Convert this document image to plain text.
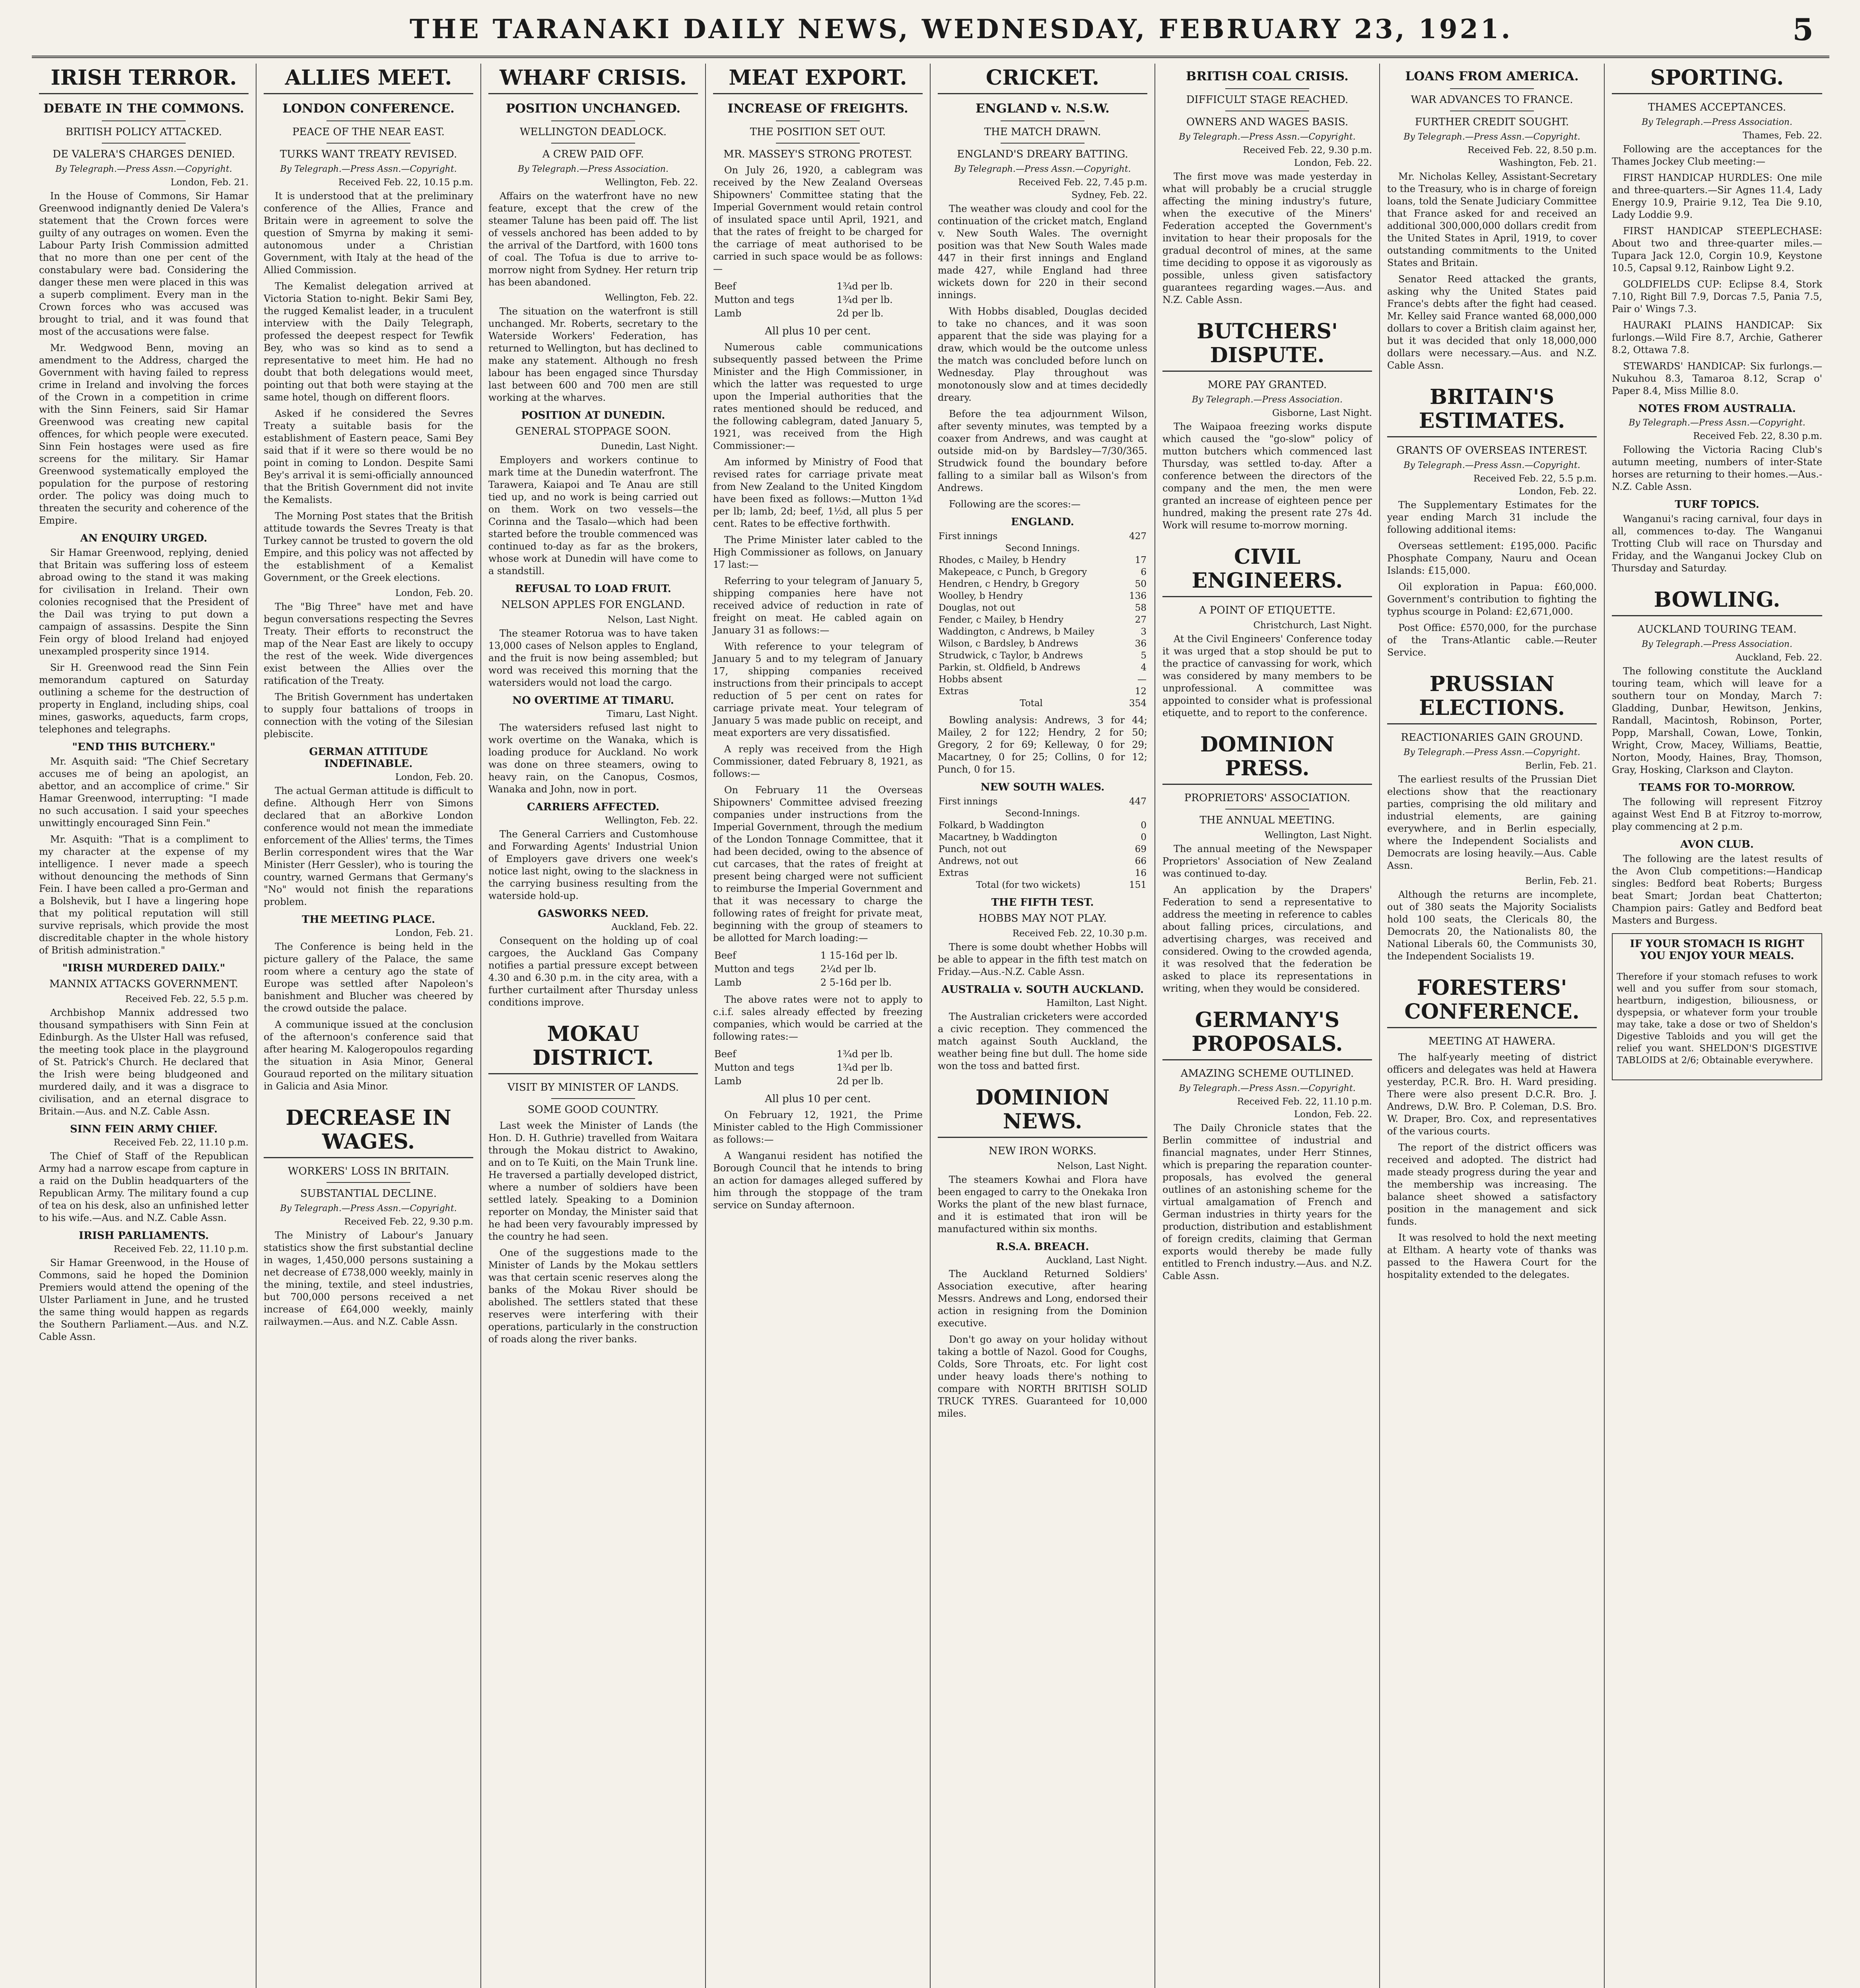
THE TARANAKI DAILY NEWS, WEDNESDAY, FEBRUARY 23, 1921.	5
IRISH TERROR.
DEBATE IN THE COMMONS.
BRITISH POLICY ATTACKED.
DE VALERA'S CHARGES DENIED.
By Telegraph.—Press Assn.—Copyright.
London, Feb. 21.

In the House of Commons, Sir Hamar Greenwood indignantly denied De Valera's statement that the Crown forces were guilty of any outrages on women. Even the Labour Party Irish Commission admitted that no more than one per cent of the constabulary were bad. Considering the danger these men were placed in this was a superb compliment. Every man in the Crown forces who was accused was brought to trial, and it was found that most of the accusations were false.

Mr. Wedgwood Benn, moving an amendment to the Address, charged the Government with having failed to repress crime in Ireland and involving the forces of the Crown in a competition in crime with the Sinn Feiners, said Sir Hamar Greenwood was creating new capital offences, for which people were executed. Sinn Fein hostages were used as fire screens for the military. Sir Hamar Greenwood systematically employed the population for the purpose of restoring order. The policy was doing much to threaten the security and coherence of the Empire.

AN ENQUIRY URGED.

Sir Hamar Greenwood, replying, denied that Britain was suffering loss of esteem abroad owing to the stand it was making for civilisation in Ireland. Their own colonies recognised that the President of the Dail was trying to put down a campaign of assassins. Despite the Sinn Fein orgy of blood Ireland had enjoyed unexampled prosperity since 1914.

Sir H. Greenwood read the Sinn Fein memorandum captured on Saturday outlining a scheme for the destruction of property in England, including ships, coal mines, gasworks, aqueducts, farm crops, telephones and telegraphs.

"END THIS BUTCHERY."

Mr. Asquith said: "The Chief Secretary accuses me of being an apologist, an abettor, and an accomplice of crime." Sir Hamar Greenwood, interrupting: "I made no such accusation. I said your speeches unwittingly encouraged Sinn Fein."

Mr. Asquith: "That is a compliment to my character at the expense of my intelligence. I never made a speech without denouncing the methods of Sinn Fein. I have been called a pro-German and a Bolshevik, but I have a lingering hope that my political reputation will still survive reprisals, which provide the most discreditable chapter in the whole history of British administration."

"IRISH MURDERED DAILY."
MANNIX ATTACKS GOVERNMENT.
Received Feb. 22, 5.5 p.m.

Archbishop Mannix addressed two thousand sympathisers with Sinn Fein at Edinburgh. As the Ulster Hall was refused, the meeting took place in the playground of St. Patrick's Church. He declared that the Irish were being bludgeoned and murdered daily, and it was a disgrace to civilisation, and an eternal disgrace to Britain.—Aus. and N.Z. Cable Assn.

SINN FEIN ARMY CHIEF.
Received Feb. 22, 11.10 p.m.

The Chief of Staff of the Republican Army had a narrow escape from capture in a raid on the Dublin headquarters of the Republican Army. The military found a cup of tea on his desk, also an unfinished letter to his wife.—Aus. and N.Z. Cable Assn.

IRISH PARLIAMENTS.
Received Feb. 22, 11.10 p.m.

Sir Hamar Greenwood, in the House of Commons, said he hoped the Dominion Premiers would attend the opening of the Ulster Parliament in June, and he trusted the same thing would happen as regards the Southern Parliament.—Aus. and N.Z. Cable Assn.

ALLIES MEET.
LONDON CONFERENCE.
PEACE OF THE NEAR EAST.
TURKS WANT TREATY REVISED.
By Telegraph.—Press Assn.—Copyright.
Received Feb. 22, 10.15 p.m.

It is understood that at the preliminary conference of the Allies, France and Britain were in agreement to solve the question of Smyrna by making it semi-autonomous under a Christian Government, with Italy at the head of the Allied Commission.

The Kemalist delegation arrived at Victoria Station to-night. Bekir Sami Bey, the rugged Kemalist leader, in a truculent interview with the Daily Telegraph, professed the deepest respect for Tewfik Bey, who was so kind as to send a representative to meet him. He had no doubt that both delegations would meet, pointing out that both were staying at the same hotel, though on different floors.

Asked if he considered the Sevres Treaty a suitable basis for the establishment of Eastern peace, Sami Bey said that if it were so there would be no point in coming to London. Despite Sami Bey's arrival it is semi-officially announced that the British Government did not invite the Kemalists.

The Morning Post states that the British attitude towards the Sevres Treaty is that Turkey cannot be trusted to govern the old Empire, and this policy was not affected by the establishment of a Kemalist Government, or the Greek elections.

London, Feb. 20.

The "Big Three" have met and have begun conversations respecting the Sevres Treaty. Their efforts to reconstruct the map of the Near East are likely to occupy the rest of the week. Wide divergences exist between the Allies over the ratification of the Treaty.

The British Government has undertaken to supply four battalions of troops in connection with the voting of the Silesian plebiscite.

GERMAN ATTITUDE INDEFINABLE.
London, Feb. 20.

The actual German attitude is difficult to define. Although Herr von Simons declared that an aBorkive London conference would not mean the immediate enforcement of the Allies' terms, the Times Berlin correspondent wires that the War Minister (Herr Gessler), who is touring the country, warned Germans that Germany's "No" would not finish the reparations problem.

THE MEETING PLACE.
London, Feb. 21.

The Conference is being held in the picture gallery of the Palace, the same room where a century ago the state of Europe was settled after Napoleon's banishment and Blucher was cheered by the crowd outside the palace.

A communique issued at the conclusion of the afternoon's conference said that after hearing M. Kalogeropoulos regarding the situation in Asia Minor, General Gouraud reported on the military situation in Galicia and Asia Minor.

DECREASE IN WAGES.
WORKERS' LOSS IN BRITAIN.
SUBSTANTIAL DECLINE.
By Telegraph.—Press Assn.—Copyright.
Received Feb. 22, 9.30 p.m.

The Ministry of Labour's January statistics show the first substantial decline in wages, 1,450,000 persons sustaining a net decrease of £738,000 weekly, mainly in the mining, textile, and steel industries, but 700,000 persons received a net increase of £64,000 weekly, mainly railwaymen.—Aus. and N.Z. Cable Assn.

WHARF CRISIS.
POSITION UNCHANGED.
WELLINGTON DEADLOCK.
A CREW PAID OFF.
By Telegraph.—Press Association.
Wellington, Feb. 22.

Affairs on the waterfront have no new feature, except that the crew of the steamer Talune has been paid off. The list of vessels anchored has been added to by the arrival of the Dartford, with 1600 tons of coal. The Tofua is due to arrive to-morrow night from Sydney. Her return trip has been abandoned.

Wellington, Feb. 22.

The situation on the waterfront is still unchanged. Mr. Roberts, secretary to the Waterside Workers' Federation, has returned to Wellington, but has declined to make any statement. Although no fresh labour has been engaged since Thursday last between 600 and 700 men are still working at the wharves.

POSITION AT DUNEDIN.
GENERAL STOPPAGE SOON.
Dunedin, Last Night.

Employers and workers continue to mark time at the Dunedin waterfront. The Tarawera, Kaiapoi and Te Anau are still tied up, and no work is being carried out on them. Work on two vessels—the Corinna and the Tasalo—which had been started before the trouble commenced was continued to-day as far as the brokers, whose work at Dunedin will have come to a standstill.

REFUSAL TO LOAD FRUIT.
NELSON APPLES FOR ENGLAND.
Nelson, Last Night.

The steamer Rotorua was to have taken 13,000 cases of Nelson apples to England, and the fruit is now being assembled; but word was received this morning that the watersiders would not load the cargo.

NO OVERTIME AT TIMARU.
Timaru, Last Night.

The watersiders refused last night to work overtime on the Wanaka, which is loading produce for Auckland. No work was done on three steamers, owing to heavy rain, on the Canopus, Cosmos, Wanaka and John, now in port.

CARRIERS AFFECTED.
Wellington, Feb. 22.

The General Carriers and Customhouse and Forwarding Agents' Industrial Union of Employers gave drivers one week's notice last night, owing to the slackness in the carrying business resulting from the waterside hold-up.

GASWORKS NEED.
Auckland, Feb. 22.

Consequent on the holding up of coal cargoes, the Auckland Gas Company notifies a partial pressure except between 4.30 and 6.30 p.m. in the city area, with a further curtailment after Thursday unless conditions improve.

MOKAU DISTRICT.
VISIT BY MINISTER OF LANDS.
SOME GOOD COUNTRY.

Last week the Minister of Lands (the Hon. D. H. Guthrie) travelled from Waitara through the Mokau district to Awakino, and on to Te Kuiti, on the Main Trunk line. He traversed a partially developed district, where a number of soldiers have been settled lately. Speaking to a Dominion reporter on Monday, the Minister said that he had been very favourably impressed by the country he had seen.

One of the suggestions made to the Minister of Lands by the Mokau settlers was that certain scenic reserves along the banks of the Mokau River should be abolished. The settlers stated that these reserves were interfering with their operations, particularly in the construction of roads along the river banks.

MEAT EXPORT.
INCREASE OF FREIGHTS.
THE POSITION SET OUT.
MR. MASSEY'S STRONG PROTEST.

On July 26, 1920, a cablegram was received by the New Zealand Overseas Shipowners' Committee stating that the Imperial Government would retain control of insulated space until April, 1921, and that the rates of freight to be charged for the carriage of meat authorised to be carried in such space would be as follows:—

Beef	1¾d per lb.
Mutton and tegs	1¾d per lb.
Lamb	2d per lb.
All plus 10 per cent.

Numerous cable communications subsequently passed between the Prime Minister and the High Commissioner, in which the latter was requested to urge upon the Imperial authorities that the rates mentioned should be reduced, and the following cablegram, dated January 5, 1921, was received from the High Commissioner:—

Am informed by Ministry of Food that revised rates for carriage private meat from New Zealand to the United Kingdom have been fixed as follows:—Mutton 1¾d per lb; lamb, 2d; beef, 1½d, all plus 5 per cent. Rates to be effective forthwith.

The Prime Minister later cabled to the High Commissioner as follows, on January 17 last:—

Referring to your telegram of January 5, shipping companies here have not received advice of reduction in rate of freight on meat. He cabled again on January 31 as follows:—

With reference to your telegram of January 5 and to my telegram of January 17, shipping companies received instructions from their principals to accept reduction of 5 per cent on rates for carriage private meat. Your telegram of January 5 was made public on receipt, and meat exporters are very dissatisfied.

A reply was received from the High Commissioner, dated February 8, 1921, as follows:—

On February 11 the Overseas Shipowners' Committee advised freezing companies under instructions from the Imperial Government, through the medium of the London Tonnage Committee, that it had been decided, owing to the absence of cut carcases, that the rates of freight at present being charged were not sufficient to reimburse the Imperial Government and that it was necessary to charge the following rates of freight for private meat, beginning with the group of steamers to be allotted for March loading:—

Beef	1 15-16d per lb.
Mutton and tegs	2¼d per lb.
Lamb	2 5-16d per lb.

The above rates were not to apply to c.i.f. sales already effected by freezing companies, which would be carried at the following rates:—

Beef	1¾d per lb.
Mutton and tegs	1¾d per lb.
Lamb	2d per lb.
All plus 10 per cent.

On February 12, 1921, the Prime Minister cabled to the High Commissioner as follows:—

A Wanganui resident has notified the Borough Council that he intends to bring an action for damages alleged suffered by him through the stoppage of the tram service on Sunday afternoon.

CRICKET.
ENGLAND v. N.S.W.
THE MATCH DRAWN.
ENGLAND'S DREARY BATTING.
By Telegraph.—Press Assn.—Copyright.
Received Feb. 22, 7.45 p.m.
Sydney, Feb. 22.

The weather was cloudy and cool for the continuation of the cricket match, England v. New South Wales. The overnight position was that New South Wales made 447 in their first innings and England made 427, while England had three wickets down for 220 in their second innings.

With Hobbs disabled, Douglas decided to take no chances, and it was soon apparent that the side was playing for a draw, which would be the outcome unless the match was concluded before lunch on Wednesday. Play throughout was monotonously slow and at times decidedly dreary.

Before the tea adjournment Wilson, after seventy minutes, was tempted by a coaxer from Andrews, and was caught at outside mid-on by Bardsley—7/30/365. Strudwick found the boundary before falling to a similar ball as Wilson's from Andrews.

Following are the scores:—

ENGLAND.
First innings	427
Second Innings.	
Rhodes, c Mailey, b Hendry	17
Makepeace, c Punch, b Gregory	6
Hendren, c Hendry, b Gregory	50
Woolley, b Hendry	136
Douglas, not out	58
Fender, c Mailey, b Hendry	27
Waddington, c Andrews, b Mailey	3
Wilson, c Bardsley, b Andrews	36
Strudwick, c Taylor, b Andrews	5
Parkin, st. Oldfield, b Andrews	4
Hobbs absent	—
Extras	12
Total	354

Bowling analysis: Andrews, 3 for 44; Mailey, 2 for 122; Hendry, 2 for 50; Gregory, 2 for 69; Kelleway, 0 for 29; Macartney, 0 for 25; Collins, 0 for 12; Punch, 0 for 15.

NEW SOUTH WALES.
First innings	447
Second-Innings.	
Folkard, b Waddington	0
Macartney, b Waddington	0
Punch, not out	69
Andrews, not out	66
Extras	16
Total (for two wickets)	151
THE FIFTH TEST.
HOBBS MAY NOT PLAY.
Received Feb. 22, 10.30 p.m.

There is some doubt whether Hobbs will be able to appear in the fifth test match on Friday.—Aus.-N.Z. Cable Assn.

AUSTRALIA v. SOUTH AUCKLAND.
Hamilton, Last Night.

The Australian cricketers were accorded a civic reception. They commenced the match against South Auckland, the weather being fine but dull. The home side won the toss and batted first.

DOMINION NEWS.
NEW IRON WORKS.
Nelson, Last Night.

The steamers Kowhai and Flora have been engaged to carry to the Onekaka Iron Works the plant of the new blast furnace, and it is estimated that iron will be manufactured within six months.

R.S.A. BREACH.
Auckland, Last Night.

The Auckland Returned Soldiers' Association executive, after hearing Messrs. Andrews and Long, endorsed their action in resigning from the Dominion executive.

Don't go away on your holiday without taking a bottle of Nazol. Good for Coughs, Colds, Sore Throats, etc. For light cost under heavy loads there's nothing to compare with NORTH BRITISH SOLID TRUCK TYRES. Guaranteed for 10,000 miles.

BRITISH COAL CRISIS.
DIFFICULT STAGE REACHED.
OWNERS AND WAGES BASIS.
By Telegraph.—Press Assn.—Copyright.
Received Feb. 22, 9.30 p.m.
London, Feb. 22.

The first move was made yesterday in what will probably be a crucial struggle affecting the mining industry's future, when the executive of the Miners' Federation accepted the Government's invitation to hear their proposals for the gradual decontrol of mines, at the same time deciding to oppose it as vigorously as possible, unless given satisfactory guarantees regarding wages.—Aus. and N.Z. Cable Assn.

BUTCHERS' DISPUTE.
MORE PAY GRANTED.
By Telegraph.—Press Association.
Gisborne, Last Night.

The Waipaoa freezing works dispute which caused the "go-slow" policy of mutton butchers which commenced last Thursday, was settled to-day. After a conference between the directors of the company and the men, the men were granted an increase of eighteen pence per hundred, making the present rate 27s 4d. Work will resume to-morrow morning.

CIVIL ENGINEERS.
A POINT OF ETIQUETTE.
Christchurch, Last Night.

At the Civil Engineers' Conference today it was urged that a stop should be put to the practice of canvassing for work, which was considered by many members to be unprofessional. A committee was appointed to consider what is professional etiquette, and to report to the conference.

DOMINION PRESS.
PROPRIETORS' ASSOCIATION.
THE ANNUAL MEETING.
Wellington, Last Night.

The annual meeting of the Newspaper Proprietors' Association of New Zealand was continued to-day.

An application by the Drapers' Federation to send a representative to address the meeting in reference to cables about falling prices, circulations, and advertising charges, was received and considered. Owing to the crowded agenda, it was resolved that the federation be asked to place its representations in writing, when they would be considered.

GERMANY'S PROPOSALS.
AMAZING SCHEME OUTLINED.
By Telegraph.—Press Assn.—Copyright.
Received Feb. 22, 11.10 p.m.
London, Feb. 22.

The Daily Chronicle states that the Berlin committee of industrial and financial magnates, under Herr Stinnes, which is preparing the reparation counter-proposals, has evolved the general outlines of an astonishing scheme for the virtual amalgamation of French and German industries in thirty years for the production, distribution and establishment of foreign credits, claiming that German exports would thereby be made fully entitled to French industry.—Aus. and N.Z. Cable Assn.

LOANS FROM AMERICA.
WAR ADVANCES TO FRANCE.
FURTHER CREDIT SOUGHT.
By Telegraph.—Press Assn.—Copyright.
Received Feb. 22, 8.50 p.m.
Washington, Feb. 21.

Mr. Nicholas Kelley, Assistant-Secretary to the Treasury, who is in charge of foreign loans, told the Senate Judiciary Committee that France asked for and received an additional 300,000,000 dollars credit from the United States in April, 1919, to cover outstanding commitments to the United States and Britain.

Senator Reed attacked the grants, asking why the United States paid France's debts after the fight had ceased. Mr. Kelley said France wanted 68,000,000 dollars to cover a British claim against her, but it was decided that only 18,000,000 dollars were necessary.—Aus. and N.Z. Cable Assn.

BRITAIN'S ESTIMATES.
GRANTS OF OVERSEAS INTEREST.
By Telegraph.—Press Assn.—Copyright.
Received Feb. 22, 5.5 p.m.
London, Feb. 22.

The Supplementary Estimates for the year ending March 31 include the following additional items:

Overseas settlement: £195,000. Pacific Phosphate Company, Nauru and Ocean Islands: £15,000.

Oil exploration in Papua: £60,000. Government's contribution to fighting the typhus scourge in Poland: £2,671,000.

Post Office: £570,000, for the purchase of the Trans-Atlantic cable.—Reuter Service.

PRUSSIAN ELECTIONS.
REACTIONARIES GAIN GROUND.
By Telegraph.—Press Assn.—Copyright.
Berlin, Feb. 21.

The earliest results of the Prussian Diet elections show that the reactionary parties, comprising the old military and industrial elements, are gaining everywhere, and in Berlin especially, where the Independent Socialists and Democrats are losing heavily.—Aus. Cable Assn.

Berlin, Feb. 21.

Although the returns are incomplete, out of 380 seats the Majority Socialists hold 100 seats, the Clericals 80, the Democrats 20, the Nationalists 80, the National Liberals 60, the Communists 30, the Independent Socialists 19.

FORESTERS' CONFERENCE.
MEETING AT HAWERA.

The half-yearly meeting of district officers and delegates was held at Hawera yesterday, P.C.R. Bro. H. Ward presiding. There were also present D.C.R. Bro. J. Andrews, D.W. Bro. P. Coleman, D.S. Bro. W. Draper, Bro. Cox, and representatives of the various courts.

The report of the district officers was received and adopted. The district had made steady progress during the year and the membership was increasing. The balance sheet showed a satisfactory position in the management and sick funds.

It was resolved to hold the next meeting at Eltham. A hearty vote of thanks was passed to the Hawera Court for the hospitality extended to the delegates.

SPORTING.
THAMES ACCEPTANCES.
By Telegraph.—Press Association.
Thames, Feb. 22.

Following are the acceptances for the Thames Jockey Club meeting:—

FIRST HANDICAP HURDLES: One mile and three-quarters.—Sir Agnes 11.4, Lady Energy 10.9, Prairie 9.12, Tea Die 9.10, Lady Loddie 9.9.

FIRST HANDICAP STEEPLECHASE: About two and three-quarter miles.—Tupara Jack 12.0, Corgin 10.9, Keystone 10.5, Capsal 9.12, Rainbow Light 9.2.

GOLDFIELDS CUP: Eclipse 8.4, Stork 7.10, Right Bill 7.9, Dorcas 7.5, Pania 7.5, Pair o' Wings 7.3.

HAURAKI PLAINS HANDICAP: Six furlongs.—Wild Fire 8.7, Archie, Gatherer 8.2, Ottawa 7.8.

STEWARDS' HANDICAP: Six furlongs.—Nukuhou 8.3, Tamaroa 8.12, Scrap o' Paper 8.4, Miss Millie 8.0.

NOTES FROM AUSTRALIA.
By Telegraph.—Press Assn.—Copyright.
Received Feb. 22, 8.30 p.m.

Following the Victoria Racing Club's autumn meeting, numbers of inter-State horses are returning to their homes.—Aus.-N.Z. Cable Assn.

TURF TOPICS.

Wanganui's racing carnival, four days in all, commences to-day. The Wanganui Trotting Club will race on Thursday and Friday, and the Wanganui Jockey Club on Thursday and Saturday.

BOWLING.
AUCKLAND TOURING TEAM.
By Telegraph.—Press Association.
Auckland, Feb. 22.

The following constitute the Auckland touring team, which will leave for a southern tour on Monday, March 7: Gladding, Dunbar, Hewitson, Jenkins, Randall, Macintosh, Robinson, Porter, Popp, Marshall, Cowan, Lowe, Tonkin, Wright, Crow, Macey, Williams, Beattie, Norton, Moody, Haines, Bray, Thomson, Gray, Hosking, Clarkson and Clayton.

TEAMS FOR TO-MORROW.

The following will represent Fitzroy against West End B at Fitzroy to-morrow, play commencing at 2 p.m.

AVON CLUB.

The following are the latest results of the Avon Club competitions:—Handicap singles: Bedford beat Roberts; Burgess beat Smart; Jordan beat Chatterton; Champion pairs: Gatley and Bedford beat Masters and Burgess.

IF YOUR STOMACH IS RIGHT YOU ENJOY YOUR MEALS.

Therefore if your stomach refuses to work well and you suffer from sour stomach, heartburn, indigestion, biliousness, or dyspepsia, or whatever form your trouble may take, take a dose or two of Sheldon's Digestive Tabloids and you will get the relief you want. SHELDON'S DIGESTIVE TABLOIDS at 2/6; Obtainable everywhere.
